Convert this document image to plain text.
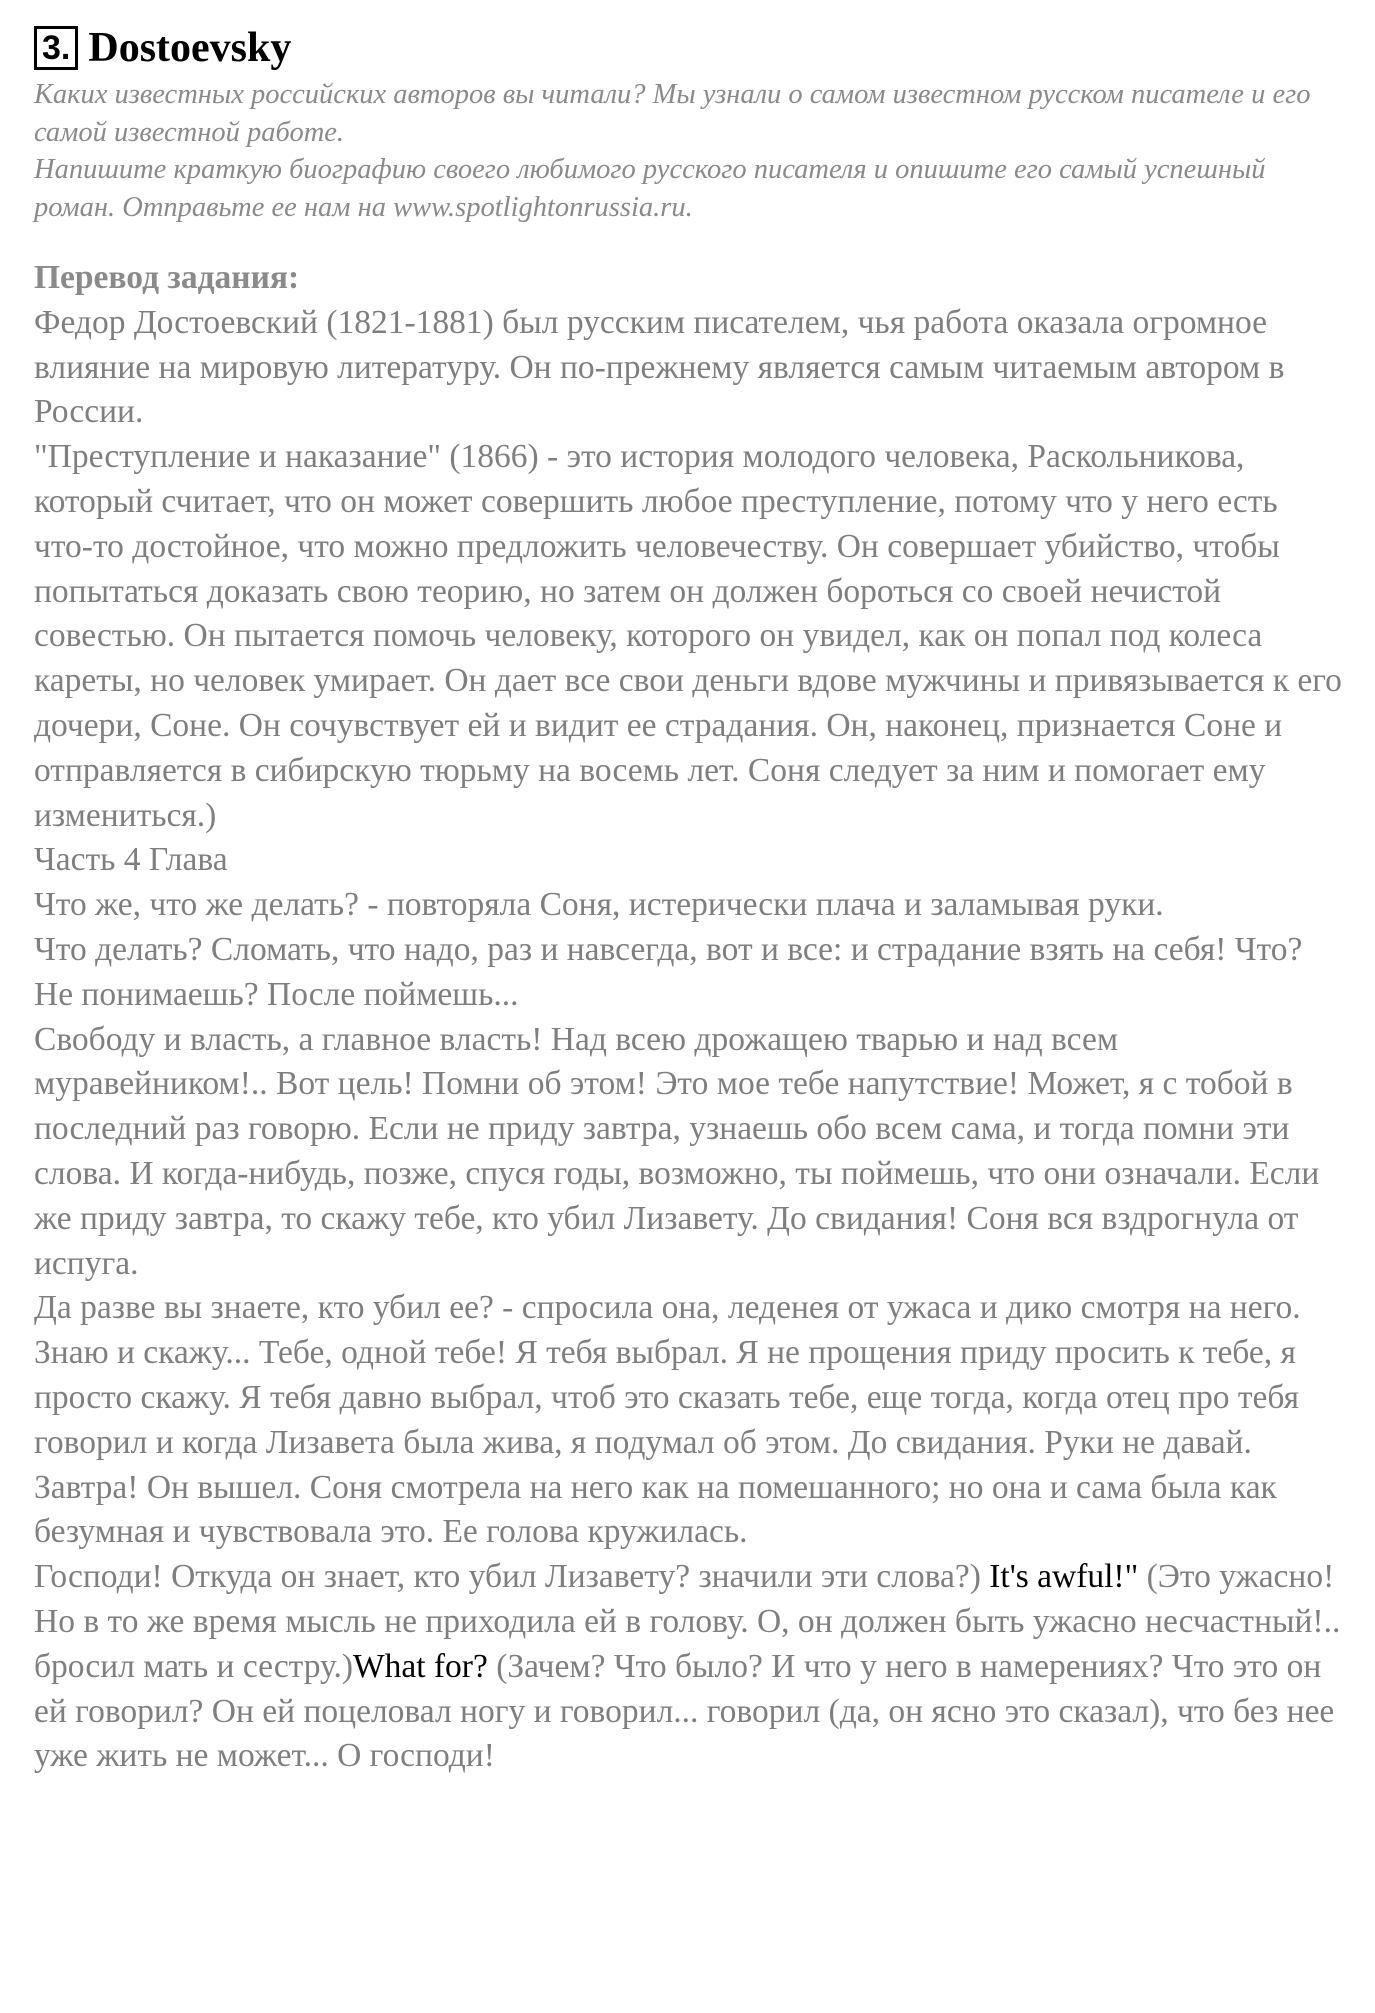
3. Dostoevsky

Каких известных российских авторов вы читали? Мы узнали о самом известном русском писателе и его самой известной работе.

Напишите краткую биографию своего любимого русского писателя и опишите его самый успешный роман. Отправьте ее нам на www.spotlightonrussia.ru.

Перевод задания:

Федор Достоевский (1821-1881) был русским писателем, чья работа оказала огромное влияние на мировую литературу. Он по-прежнему является самым читаемым автором в России.

"Преступление и наказание" (1866) - это история молодого человека, Раскольникова, который считает, что он может совершить любое преступление, потому что у него есть что-то достойное, что можно предложить человечеству. Он совершает убийство, чтобы попытаться доказать свою теорию, но затем он должен бороться со своей нечистой совестью. Он пытается помочь человеку, которого он увидел, как он попал под колеса кареты, но человек умирает. Он дает все свои деньги вдове мужчины и привязывается к его дочери, Соне. Он сочувствует ей и видит ее страдания. Он, наконец, признается Соне и отправляется в сибирскую тюрьму на восемь лет. Соня следует за ним и помогает ему измениться.)

Часть 4 Глава

Что же, что же делать? - повторяла Соня, истерически плача и заламывая руки.

Что делать? Сломать, что надо, раз и навсегда, вот и все: и страдание взять на себя! Что? Не понимаешь? После поймешь...

Свободу и власть, а главное власть! Над всею дрожащею тварью и над всем муравейником!.. Вот цель! Помни об этом! Это мое тебе напутствие! Может, я с тобой в последний раз говорю. Если не приду завтра, узнаешь обо всем сама, и тогда помни эти слова. И когда-нибудь, позже, спуся годы, возможно, ты поймешь, что они означали. Если же приду завтра, то скажу тебе, кто убил Лизавету. До свидания! Соня вся вздрогнула от испуга.

Да разве вы знаете, кто убил ее? - спросила она, леденея от ужаса и дико смотря на него.

Знаю и скажу... Тебе, одной тебе! Я тебя выбрал. Я не прощения приду просить к тебе, я просто скажу. Я тебя давно выбрал, чтоб это сказать тебе, еще тогда, когда отец про тебя говорил и когда Лизавета была жива, я подумал об этом. До свидания. Руки не давай. Завтра! Он вышел. Соня смотрела на него как на помешанного; но она и сама была как безумная и чувствовала это. Ее голова кружилась.

Господи! Откуда он знает, кто убил Лизавету? значили эти слова?) It's awful!" (Это ужасно! Но в то же время мысль не приходила ей в голову. О, он должен быть ужасно несчастный!.. бросил мать и сестру.)What for? (Зачем? Что было? И что у него в намерениях? Что это он ей говорил? Он ей поцеловал ногу и говорил... говорил (да, он ясно это сказал), что без нее уже жить не может... О господи!
